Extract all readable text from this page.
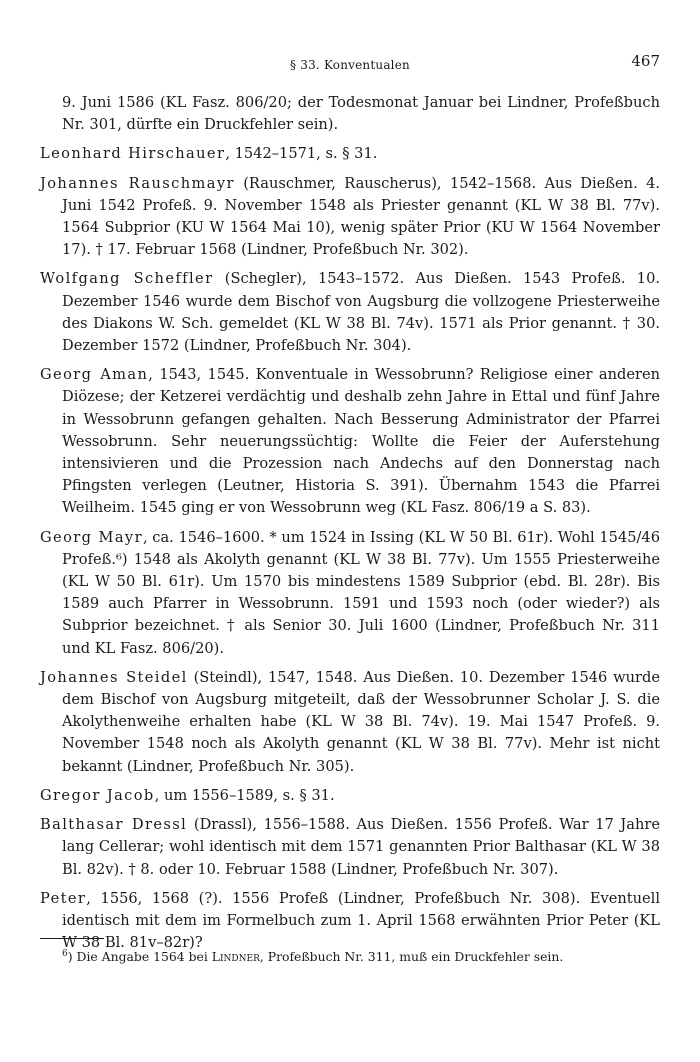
§ 33. Konventualen	467

9. Juni 1586 (KL Fasz. 806/20; der Todesmonat Januar bei Lindner, Profeßbuch Nr. 301, dürfte ein Druckfehler sein).

Leonhard Hirschauer, 1542–1571, s. § 31.

Johannes Rauschmayr (Rauschmer, Rauscherus), 1542–1568. Aus Dießen. 4. Juni 1542 Profeß. 9. November 1548 als Priester genannt (KL W 38 Bl. 77v). 1564 Subprior (KU W 1564 Mai 10), wenig später Prior (KU W 1564 November 17). † 17. Februar 1568 (Lindner, Profeßbuch Nr. 302).

Wolfgang Scheffler (Schegler), 1543–1572. Aus Dießen. 1543 Profeß. 10. Dezember 1546 wurde dem Bischof von Augsburg die vollzogene Priesterweihe des Diakons W. Sch. gemeldet (KL W 38 Bl. 74v). 1571 als Prior genannt. † 30. Dezember 1572 (Lindner, Profeßbuch Nr. 304).

Georg Aman, 1543, 1545. Konventuale in Wessobrunn? Religiose einer anderen Diözese; der Ketzerei verdächtig und deshalb zehn Jahre in Ettal und fünf Jahre in Wessobrunn gefangen gehalten. Nach Besserung Administrator der Pfarrei Wessobrunn. Sehr neuerungssüchtig: Wollte die Feier der Auferstehung intensivieren und die Prozession nach Andechs auf den Donnerstag nach Pfingsten verlegen (Leutner, Historia S. 391). Übernahm 1543 die Pfarrei Weilheim. 1545 ging er von Wessobrunn weg (KL Fasz. 806/19 a S. 83).

Georg Mayr, ca. 1546–1600. * um 1524 in Issing (KL W 50 Bl. 61r). Wohl 1545/46 Profeß.⁶) 1548 als Akolyth genannt (KL W 38 Bl. 77v). Um 1555 Priesterweihe (KL W 50 Bl. 61r). Um 1570 bis mindestens 1589 Subprior (ebd. Bl. 28r). Bis 1589 auch Pfarrer in Wessobrunn. 1591 und 1593 noch (oder wieder?) als Subprior bezeichnet. † als Senior 30. Juli 1600 (Lindner, Profeßbuch Nr. 311 und KL Fasz. 806/20).

Johannes Steidel (Steindl), 1547, 1548. Aus Dießen. 10. Dezember 1546 wurde dem Bischof von Augsburg mitgeteilt, daß der Wessobrunner Scholar J. S. die Akolythenweihe erhalten habe (KL W 38 Bl. 74v). 19. Mai 1547 Profeß. 9. November 1548 noch als Akolyth genannt (KL W 38 Bl. 77v). Mehr ist nicht bekannt (Lindner, Profeßbuch Nr. 305).

Gregor Jacob, um 1556–1589, s. § 31.

Balthasar Dressl (Drassl), 1556–1588. Aus Dießen. 1556 Profeß. War 17 Jahre lang Cellerar; wohl identisch mit dem 1571 genannten Prior Balthasar (KL W 38 Bl. 82v). † 8. oder 10. Februar 1588 (Lindner, Profeßbuch Nr. 307).

Peter, 1556, 1568 (?). 1556 Profeß (Lindner, Profeßbuch Nr. 308). Eventuell identisch mit dem im Formelbuch zum 1. April 1568 erwähnten Prior Peter (KL W 38 Bl. 81v–82r)?

$^6$) Die Angabe 1564 bei Lindner, Profeßbuch Nr. 311, muß ein Druckfehler sein.
